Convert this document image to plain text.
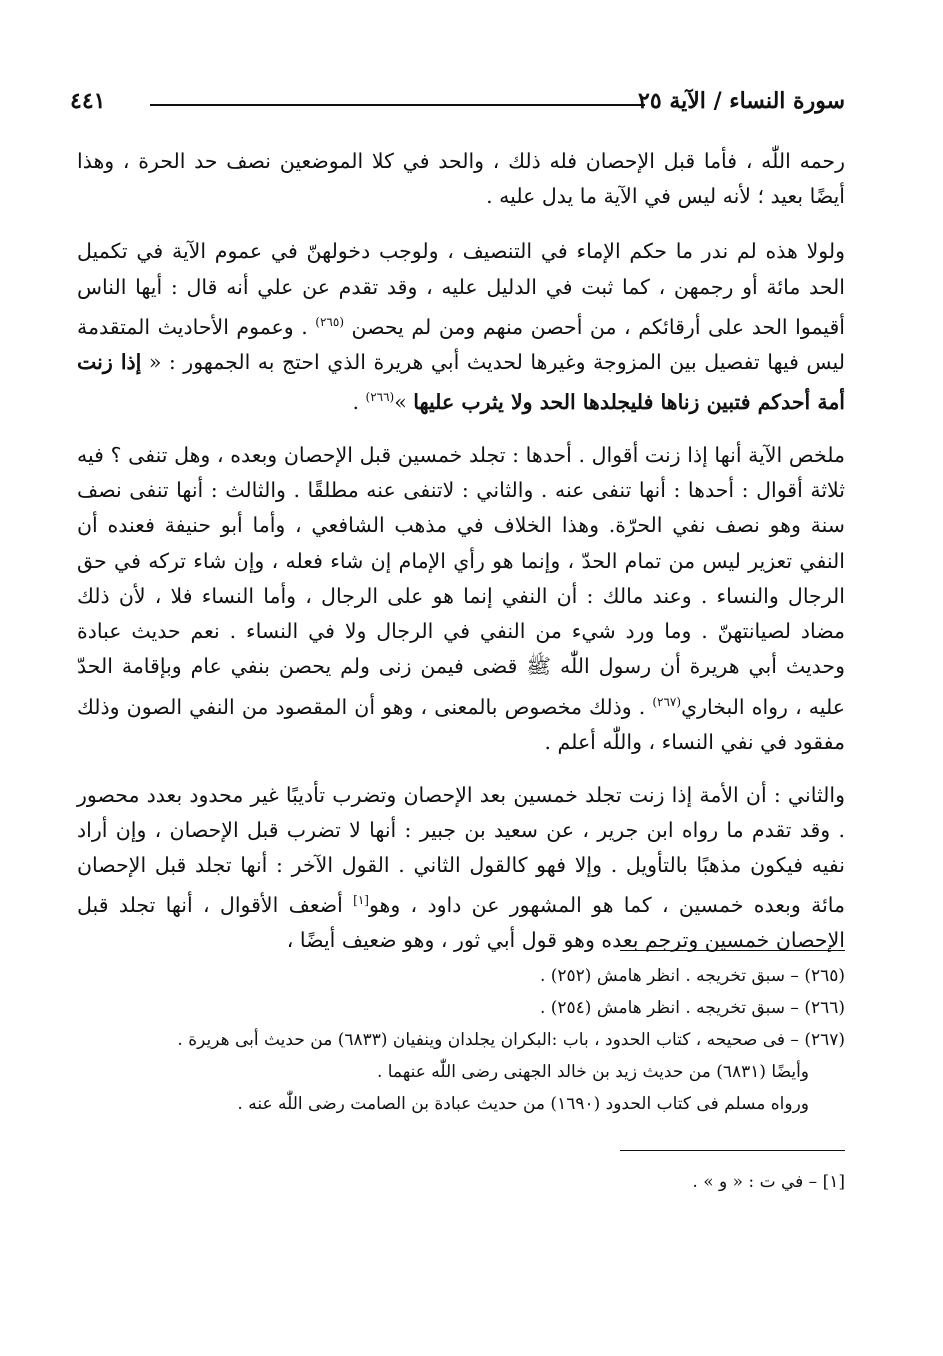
سورة النساء / الآية ٢٥
٤٤١

رحمه اللّٰه ، فأما قبل الإحصان فله ذلك ، والحد في كلا الموضعين نصف حد الحرة ، وهذا أيضًا بعيد ؛ لأنه ليس في الآية ما يدل عليه .

ولولا هذه لم ندر ما حكم الإماء في التنصيف ، ولوجب دخولهنّ في عموم الآية في تكميل الحد مائة أو رجمهن ، كما ثبت في الدليل عليه ، وقد تقدم عن علي أنه قال : أيها الناس أقيموا الحد على أرقائكم ، من أحصن منهم ومن لم يحصن $^{(٢٦٥)}$ . وعموم الأحاديث المتقدمة ليس فيها تفصيل بين المزوجة وغيرها لحديث أبي هريرة الذي احتج به الجمهور : « إذا زنت أمة أحدكم فتبين زناها فليجلدها الحد ولا يثرب عليها »$^{(٢٦٦)}$ .

ملخص الآية أنها إذا زنت أقوال . أحدها : تجلد خمسين قبل الإحصان وبعده ، وهل تنفى ؟ فيه ثلاثة أقوال : أحدها : أنها تنفى عنه . والثاني : لاتنفى عنه مطلقًا . والثالث : أنها تنفى نصف سنة وهو نصف نفي الحرّة. وهذا الخلاف في مذهب الشافعي ، وأما أبو حنيفة فعنده أن النفي تعزير ليس من تمام الحدّ ، وإنما هو رأي الإمام إن شاء فعله ، وإن شاء تركه في حق الرجال والنساء . وعند مالك : أن النفي إنما هو على الرجال ، وأما النساء فلا ، لأن ذلك مضاد لصيانتهنّ . وما ورد شيء من النفي في الرجال ولا في النساء . نعم حديث عبادة وحديث أبي هريرة أن رسول اللّٰه ﷺ قضى فيمن زنى ولم يحصن بنفي عام وبإقامة الحدّ عليه ، رواه البخاري$^{(٢٦٧)}$ . وذلك مخصوص بالمعنى ، وهو أن المقصود من النفي الصون وذلك مفقود في نفي النساء ، واللّٰه أعلم .

والثاني : أن الأمة إذا زنت تجلد خمسين بعد الإحصان وتضرب تأديبًا غير محدود بعدد محصور . وقد تقدم ما رواه ابن جرير ، عن سعيد بن جبير : أنها لا تضرب قبل الإحصان ، وإن أراد نفيه فيكون مذهبًا بالتأويل . وإلا فهو كالقول الثاني . القول الآخر : أنها تجلد قبل الإحصان مائة وبعده خمسين ، كما هو المشهور عن داود ، وهو[١] أضعف الأقوال ، أنها تجلد قبل الإحصان خمسين وترجم بعده وهو قول أبي ثور ، وهو ضعيف أيضًا ،

(٢٦٥) – سبق تخريجه . انظر هامش (٢٥٢) .

(٢٦٦) – سبق تخريجه . انظر هامش (٢٥٤) .

(٢٦٧) – فى صحيحه ، كتاب الحدود ، باب :البكران يجلدان وينفيان (٦٨٣٣) من حديث أبى هريرة .

وأيضًا (٦٨٣١) من حديث زيد بن خالد الجهنى رضى اللّٰه عنهما .

ورواه مسلم فى كتاب الحدود (١٦٩٠) من حديث عبادة بن الصامت رضى اللّٰه عنه .

[١] – في ت : « و » .
